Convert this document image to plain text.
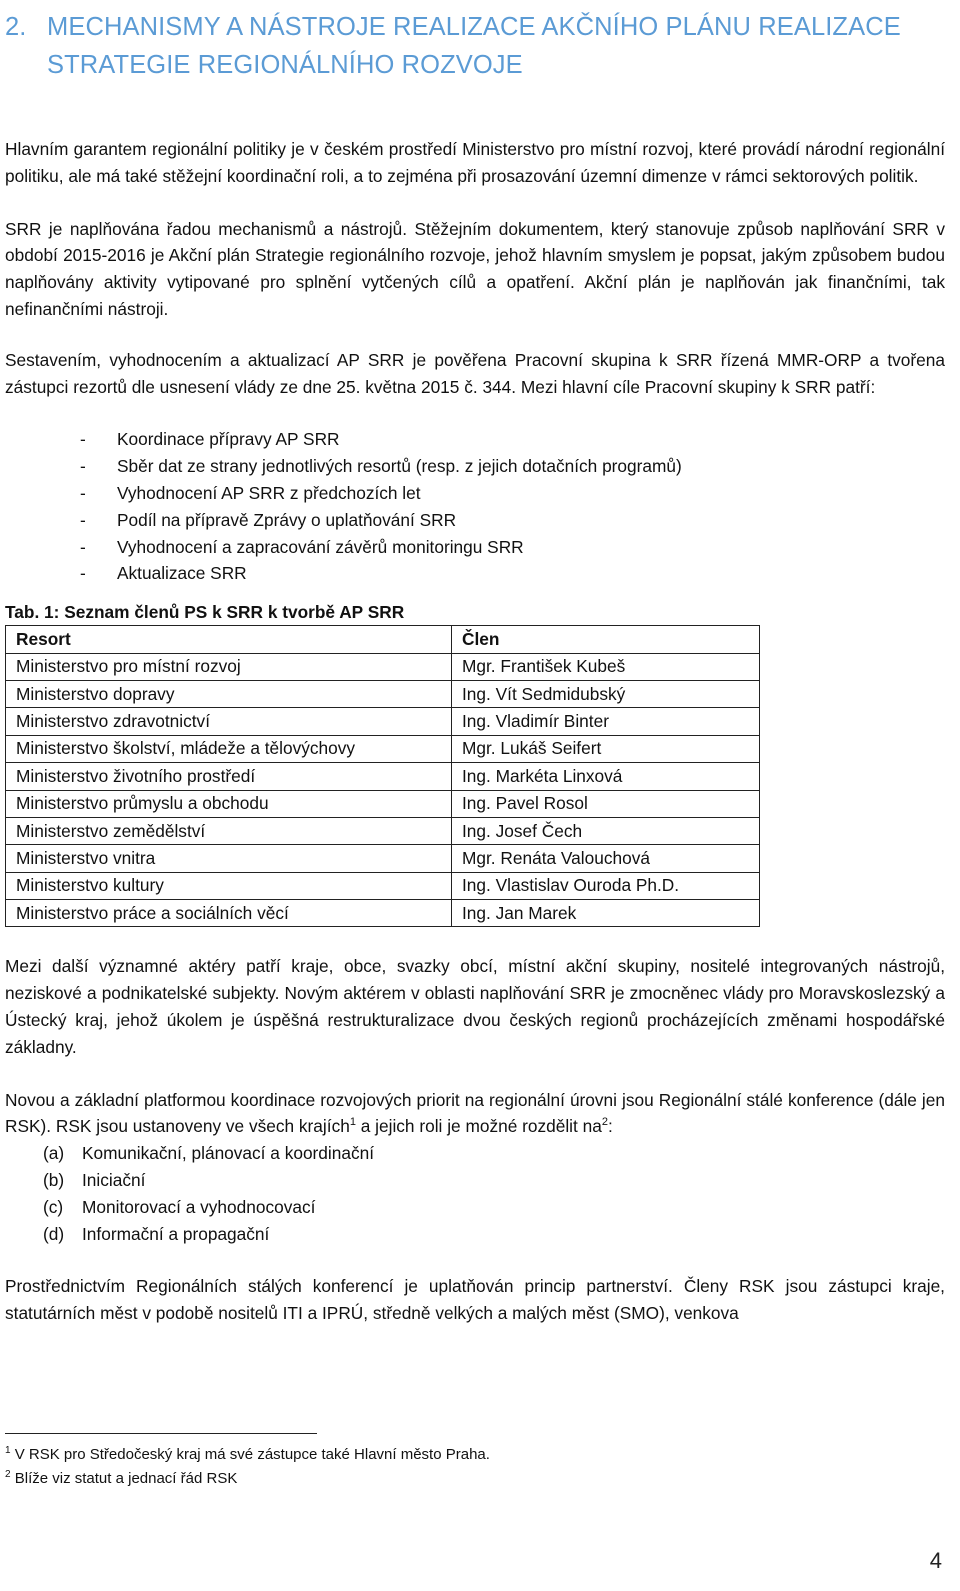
2. MECHANISMY A NÁSTROJE REALIZACE AKČNÍHO PLÁNU REALIZACE STRATEGIE REGIONÁLNÍHO ROZVOJE

Hlavním garantem regionální politiky je v českém prostředí Ministerstvo pro místní rozvoj, které provádí národní regionální politiku, ale má také stěžejní koordinační roli, a to zejména při prosazování územní dimenze v rámci sektorových politik.

SRR je naplňována řadou mechanismů a nástrojů. Stěžejním dokumentem, který stanovuje způsob naplňování SRR v období 2015-2016 je Akční plán Strategie regionálního rozvoje, jehož hlavním smyslem je popsat, jakým způsobem budou naplňovány aktivity vytipované pro splnění vytčených cílů a opatření. Akční plán je naplňován jak finančními, tak nefinančními nástroji.

Sestavením, vyhodnocením a aktualizací AP SRR je pověřena Pracovní skupina k SRR řízená MMR-ORP a tvořena zástupci rezortů dle usnesení vlády ze dne 25. května 2015 č. 344. Mezi hlavní cíle Pracovní skupiny k SRR patří:

- Koordinace přípravy AP SRR
- Sběr dat ze strany jednotlivých resortů (resp. z jejich dotačních programů)
- Vyhodnocení AP SRR z předchozích let
- Podíl na přípravě Zprávy o uplatňování SRR
- Vyhodnocení a zapracování závěrů monitoringu SRR
- Aktualizace SRR
Tab. 1: Seznam členů PS k SRR k tvorbě AP SRR
Resort	Člen
Ministerstvo pro místní rozvoj	Mgr. František Kubeš
Ministerstvo dopravy	Ing. Vít Sedmidubský
Ministerstvo zdravotnictví	Ing. Vladimír Binter
Ministerstvo školství, mládeže a tělovýchovy	Mgr. Lukáš Seifert
Ministerstvo životního prostředí	Ing. Markéta Linxová
Ministerstvo průmyslu a obchodu	Ing. Pavel Rosol
Ministerstvo zemědělství	Ing. Josef Čech
Ministerstvo vnitra	Mgr. Renáta Valouchová
Ministerstvo kultury	Ing. Vlastislav Ouroda Ph.D.
Ministerstvo práce a sociálních věcí	Ing. Jan Marek

Mezi další významné aktéry patří kraje, obce, svazky obcí, místní akční skupiny, nositelé integrovaných nástrojů, neziskové a podnikatelské subjekty. Novým aktérem v oblasti naplňování SRR je zmocněnec vlády pro Moravskoslezský a Ústecký kraj, jehož úkolem je úspěšná restrukturalizace dvou českých regionů procházejících změnami hospodářské základny.

Novou a základní platformou koordinace rozvojových priorit na regionální úrovni jsou Regionální stálé konference (dále jen RSK). RSK jsou ustanoveny ve všech krajích$^1$ a jejich roli je možné rozdělit $na^2$:

(a) Komunikační, plánovací a koordinační
(b) Iniciační
(c) Monitorovací a vyhodnocovací
(d) Informační a propagační

Prostřednictvím Regionálních stálých konferencí je uplatňován princip partnerství. Členy RSK jsou zástupci kraje, statutárních měst v podobě nositelů ITI a IPRÚ, středně velkých a malých měst (SMO), venkova

$^1$ V RSK pro Středočeský kraj má své zástupce také Hlavní město Praha.
$^2$ Blíže viz statut a jednací řád RSK
4
